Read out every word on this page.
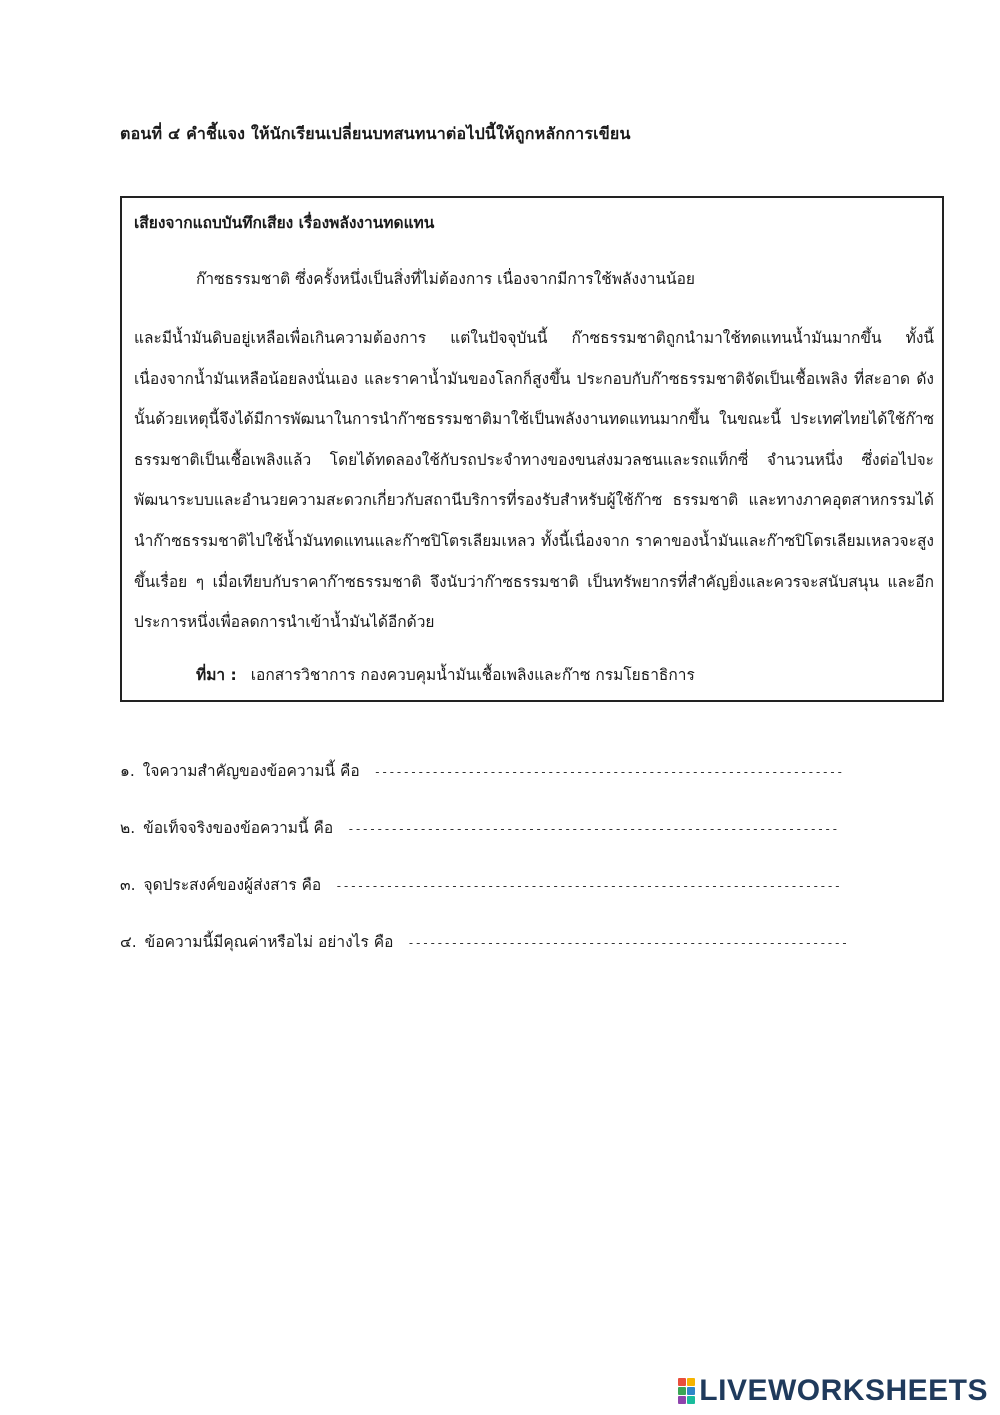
ตอนที่ ๔ คำชี้แจง ให้นักเรียนเปลี่ยนบทสนทนาต่อไปนี้ให้ถูกหลักการเขียน
เสียงจากแถบบันทึกเสียง เรื่องพลังงานทดแทน
ก๊าซธรรมชาติ ซึ่งครั้งหนึ่งเป็นสิ่งที่ไม่ต้องการ เนื่องจากมีการใช้พลังงานน้อย
และมีน้ำมันดิบอยู่เหลือเพื่อเกินความต้องการ แต่ในปัจจุบันนี้ ก๊าซธรรมชาติถูกนำมาใช้ทดแทนน้ำมันมากขึ้น ทั้งนี้เนื่องจากน้ำมันเหลือน้อยลงนั่นเอง และราคาน้ำมันของโลกก็สูงขึ้น ประกอบกับก๊าซธรรมชาติจัดเป็นเชื้อเพลิง ที่สะอาด ดังนั้นด้วยเหตุนี้จึงได้มีการพัฒนาในการนำก๊าซธรรมชาติมาใช้เป็นพลังงานทดแทนมากขึ้น ในขณะนี้ ประเทศไทยได้ใช้ก๊าซธรรมชาติเป็นเชื้อเพลิงแล้ว โดยได้ทดลองใช้กับรถประจำทางของขนส่งมวลชนและรถแท็กซี่ จำนวนหนึ่ง ซึ่งต่อไปจะพัฒนาระบบและอำนวยความสะดวกเกี่ยวกับสถานีบริการที่รองรับสำหรับผู้ใช้ก๊าซ ธรรมชาติ และทางภาคอุตสาหกรรมได้นำก๊าซธรรมชาติไปใช้น้ำมันทดแทนและก๊าซปิโตรเลียมเหลว ทั้งนี้เนื่องจาก ราคาของน้ำมันและก๊าซปิโตรเลียมเหลวจะสูงขึ้นเรื่อย ๆ เมื่อเทียบกับราคาก๊าซธรรมชาติ จึงนับว่าก๊าซธรรมชาติ เป็นทรัพยากรที่สำคัญยิ่งและควรจะสนับสนุน และอีกประการหนึ่งเพื่อลดการนำเข้าน้ำมันได้อีกด้วย
ที่มา : เอกสารวิชาการ กองควบคุมน้ำมันเชื้อเพลิงและก๊าซ กรมโยธาธิการ
๑. ใจความสำคัญของข้อความนี้ คือ------------------------------------------------------------------------------------------
๒. ข้อเท็จจริงของข้อความนี้ คือ----------------------------------------------------------------------------------------------
๓. จุดประสงค์ของผู้ส่งสาร คือ---------------------------------------------------------------------------------------------------
๔. ข้อความนี้มีคุณค่าหรือไม่ อย่างไร คือ----------------------------------------------------------------------------------------
LIVEWORKSHEETS
